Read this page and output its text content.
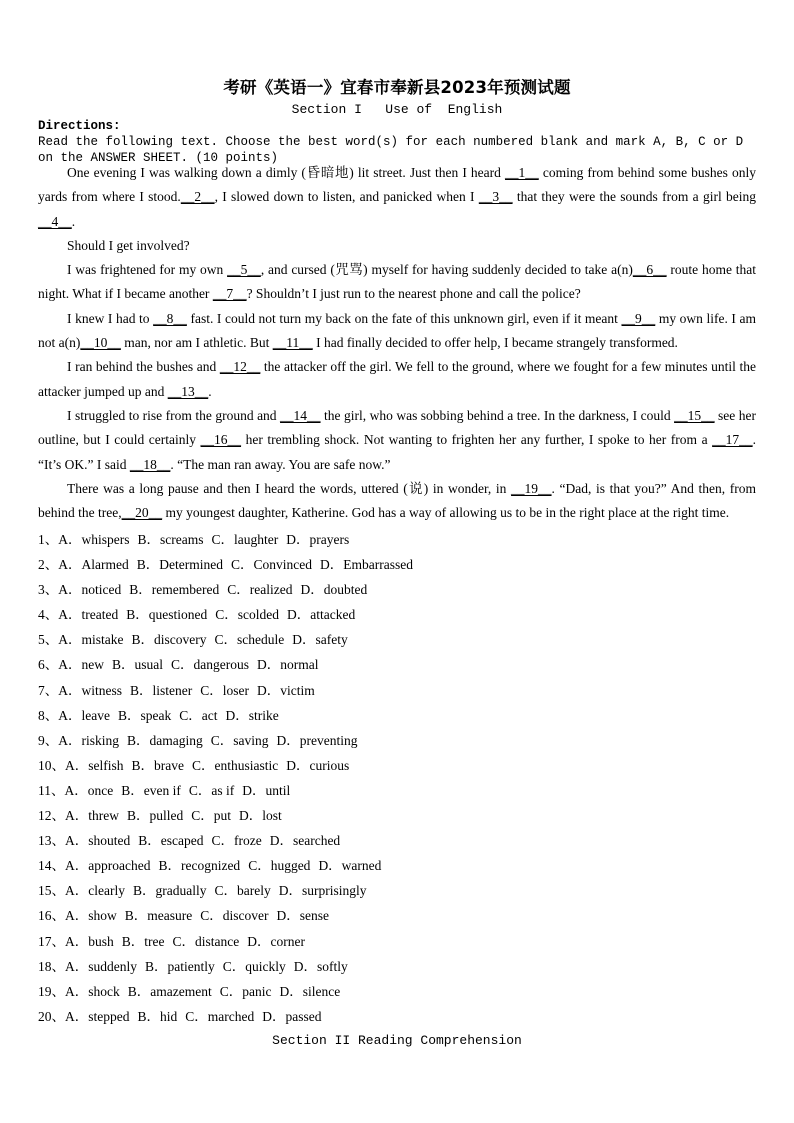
考研《英语一》宜春市奉新县2023年预测试题
Section I   Use of  English
Directions:
Read the following text. Choose the best word(s) for each numbered blank and mark A, B, C or D on the ANSWER SHEET. (10 points)

One evening I was walking down a dimly (昏暗地) lit street. Just then I heard __1__ coming from behind some bushes only yards from where I stood.__2__, I slowed down to listen, and panicked when I __3__ that they were the sounds from a girl being __4__.

Should I get involved?

I was frightened for my own __5__, and cursed (咒骂) myself for having suddenly decided to take a(n)__6__ route home that night. What if I became another __7__? Shouldn’t I just run to the nearest phone and call the police?

I knew I had to __8__ fast. I could not turn my back on the fate of this unknown girl, even if it meant __9__ my own life. I am not a(n)__10__ man, nor am I athletic. But __11__ I had finally decided to offer help, I became strangely transformed.

I ran behind the bushes and __12__ the attacker off the girl. We fell to the ground, where we fought for a few minutes until the attacker jumped up and __13__.

I struggled to rise from the ground and __14__ the girl, who was sobbing behind a tree. In the darkness, I could __15__ see her outline, but I could certainly __16__ her trembling shock. Not wanting to frighten her any further, I spoke to her from a __17__. “It’s OK.” I said __18__. “The man ran away. You are safe now.”

There was a long pause and then I heard the words, uttered (说) in wonder, in __19__. “Dad, is that you?” And then, from behind the tree,__20__ my youngest daughter, Katherine. God has a way of allowing us to be in the right place at the right time.

1、A．whispers B．screams C．laughter D．prayers
2、A．Alarmed B．Determined C．Convinced D．Embarrassed
3、A．noticed B．remembered C．realized D．doubted
4、A．treated B．questioned C．scolded D．attacked
5、A．mistake B．discovery C．schedule D．safety
6、A．new B．usual C．dangerous D．normal
7、A．witness B．listener C．loser D．victim
8、A．leave B．speak C．act D．strike
9、A．risking B．damaging C．saving D．preventing
10、A．selfish B．brave C．enthusiastic D．curious
11、A．once B．even if C．as if D．until
12、A．threw B．pulled C．put D．lost
13、A．shouted B．escaped C．froze D．searched
14、A．approached B．recognized C．hugged D．warned
15、A．clearly B．gradually C．barely D．surprisingly
16、A．show B．measure C．discover D．sense
17、A．bush B．tree C．distance D．corner
18、A．suddenly B．patiently C．quickly D．softly
19、A．shock B．amazement C．panic D．silence
20、A．stepped B．hid C．marched D．passed
Section II Reading Comprehension
